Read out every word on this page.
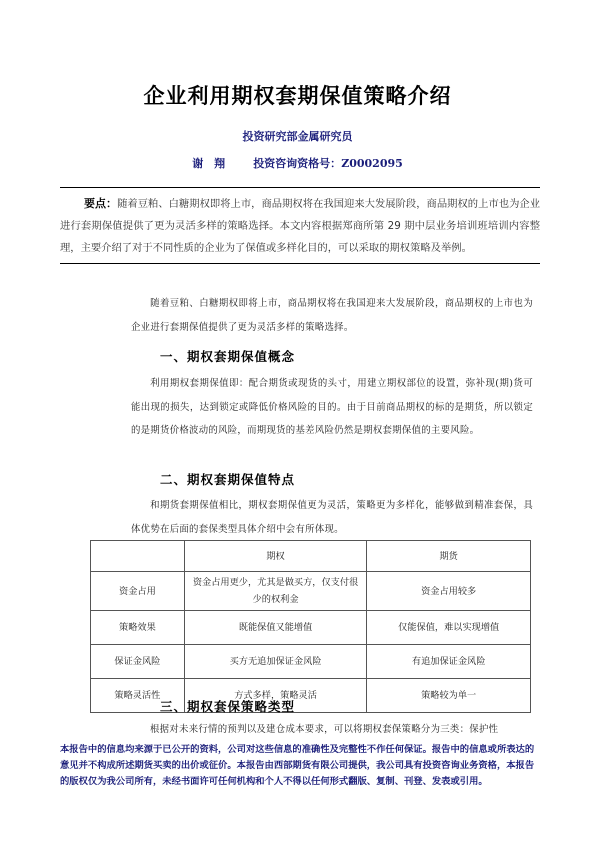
企业利用期权套期保值策略介绍
投资研究部金属研究员
谢　翔	投资咨询资格号：Z0002095
要点：随着豆粕、白糖期权即将上市，商品期权将在我国迎来大发展阶段，商品期权的上市也为企业进行套期保值提供了更为灵活多样的策略选择。本文内容根据郑商所第 29 期中层业务培训班培训内容整理，主要介绍了对于不同性质的企业为了保值或多样化目的，可以采取的期权策略及举例。
随着豆粕、白糖期权即将上市，商品期权将在我国迎来大发展阶段，商品期权的上市也为企业进行套期保值提供了更为灵活多样的策略选择。
一、期权套期保值概念
利用期权套期保值即：配合期货或现货的头寸，用建立期权部位的设置，弥补现(期)货可能出现的损失，达到锁定或降低价格风险的目的。由于目前商品期权的标的是期货，所以锁定的是期货价格波动的风险，而期现货的基差风险仍然是期权套期保值的主要风险。
二、期权套期保值特点
和期货套期保值相比，期权套期保值更为灵活，策略更为多样化，能够做到精准套保，具体优势在后面的套保类型具体介绍中会有所体现。
	期权	期货
资金占用	资金占用更少，尤其是做买方，仅支付很少的权利金	资金占用较多
策略效果	既能保值又能增值	仅能保值，难以实现增值
保证金风险	买方无追加保证金风险	有追加保证金风险
策略灵活性	方式多样，策略灵活	策略较为单一
三、期权套保策略类型
根据对未来行情的预判以及建仓成本要求，可以将期权套保策略分为三类：保护性
本报告中的信息均来源于已公开的资料，公司对这些信息的准确性及完整性不作任何保证。报告中的信息或所表达的意见并不构成所述期货买卖的出价或征价。本报告由西部期货有限公司提供，我公司具有投资咨询业务资格，本报告的版权仅为我公司所有，未经书面许可任何机构和个人不得以任何形式翻版、复制、刊登、发表或引用。
